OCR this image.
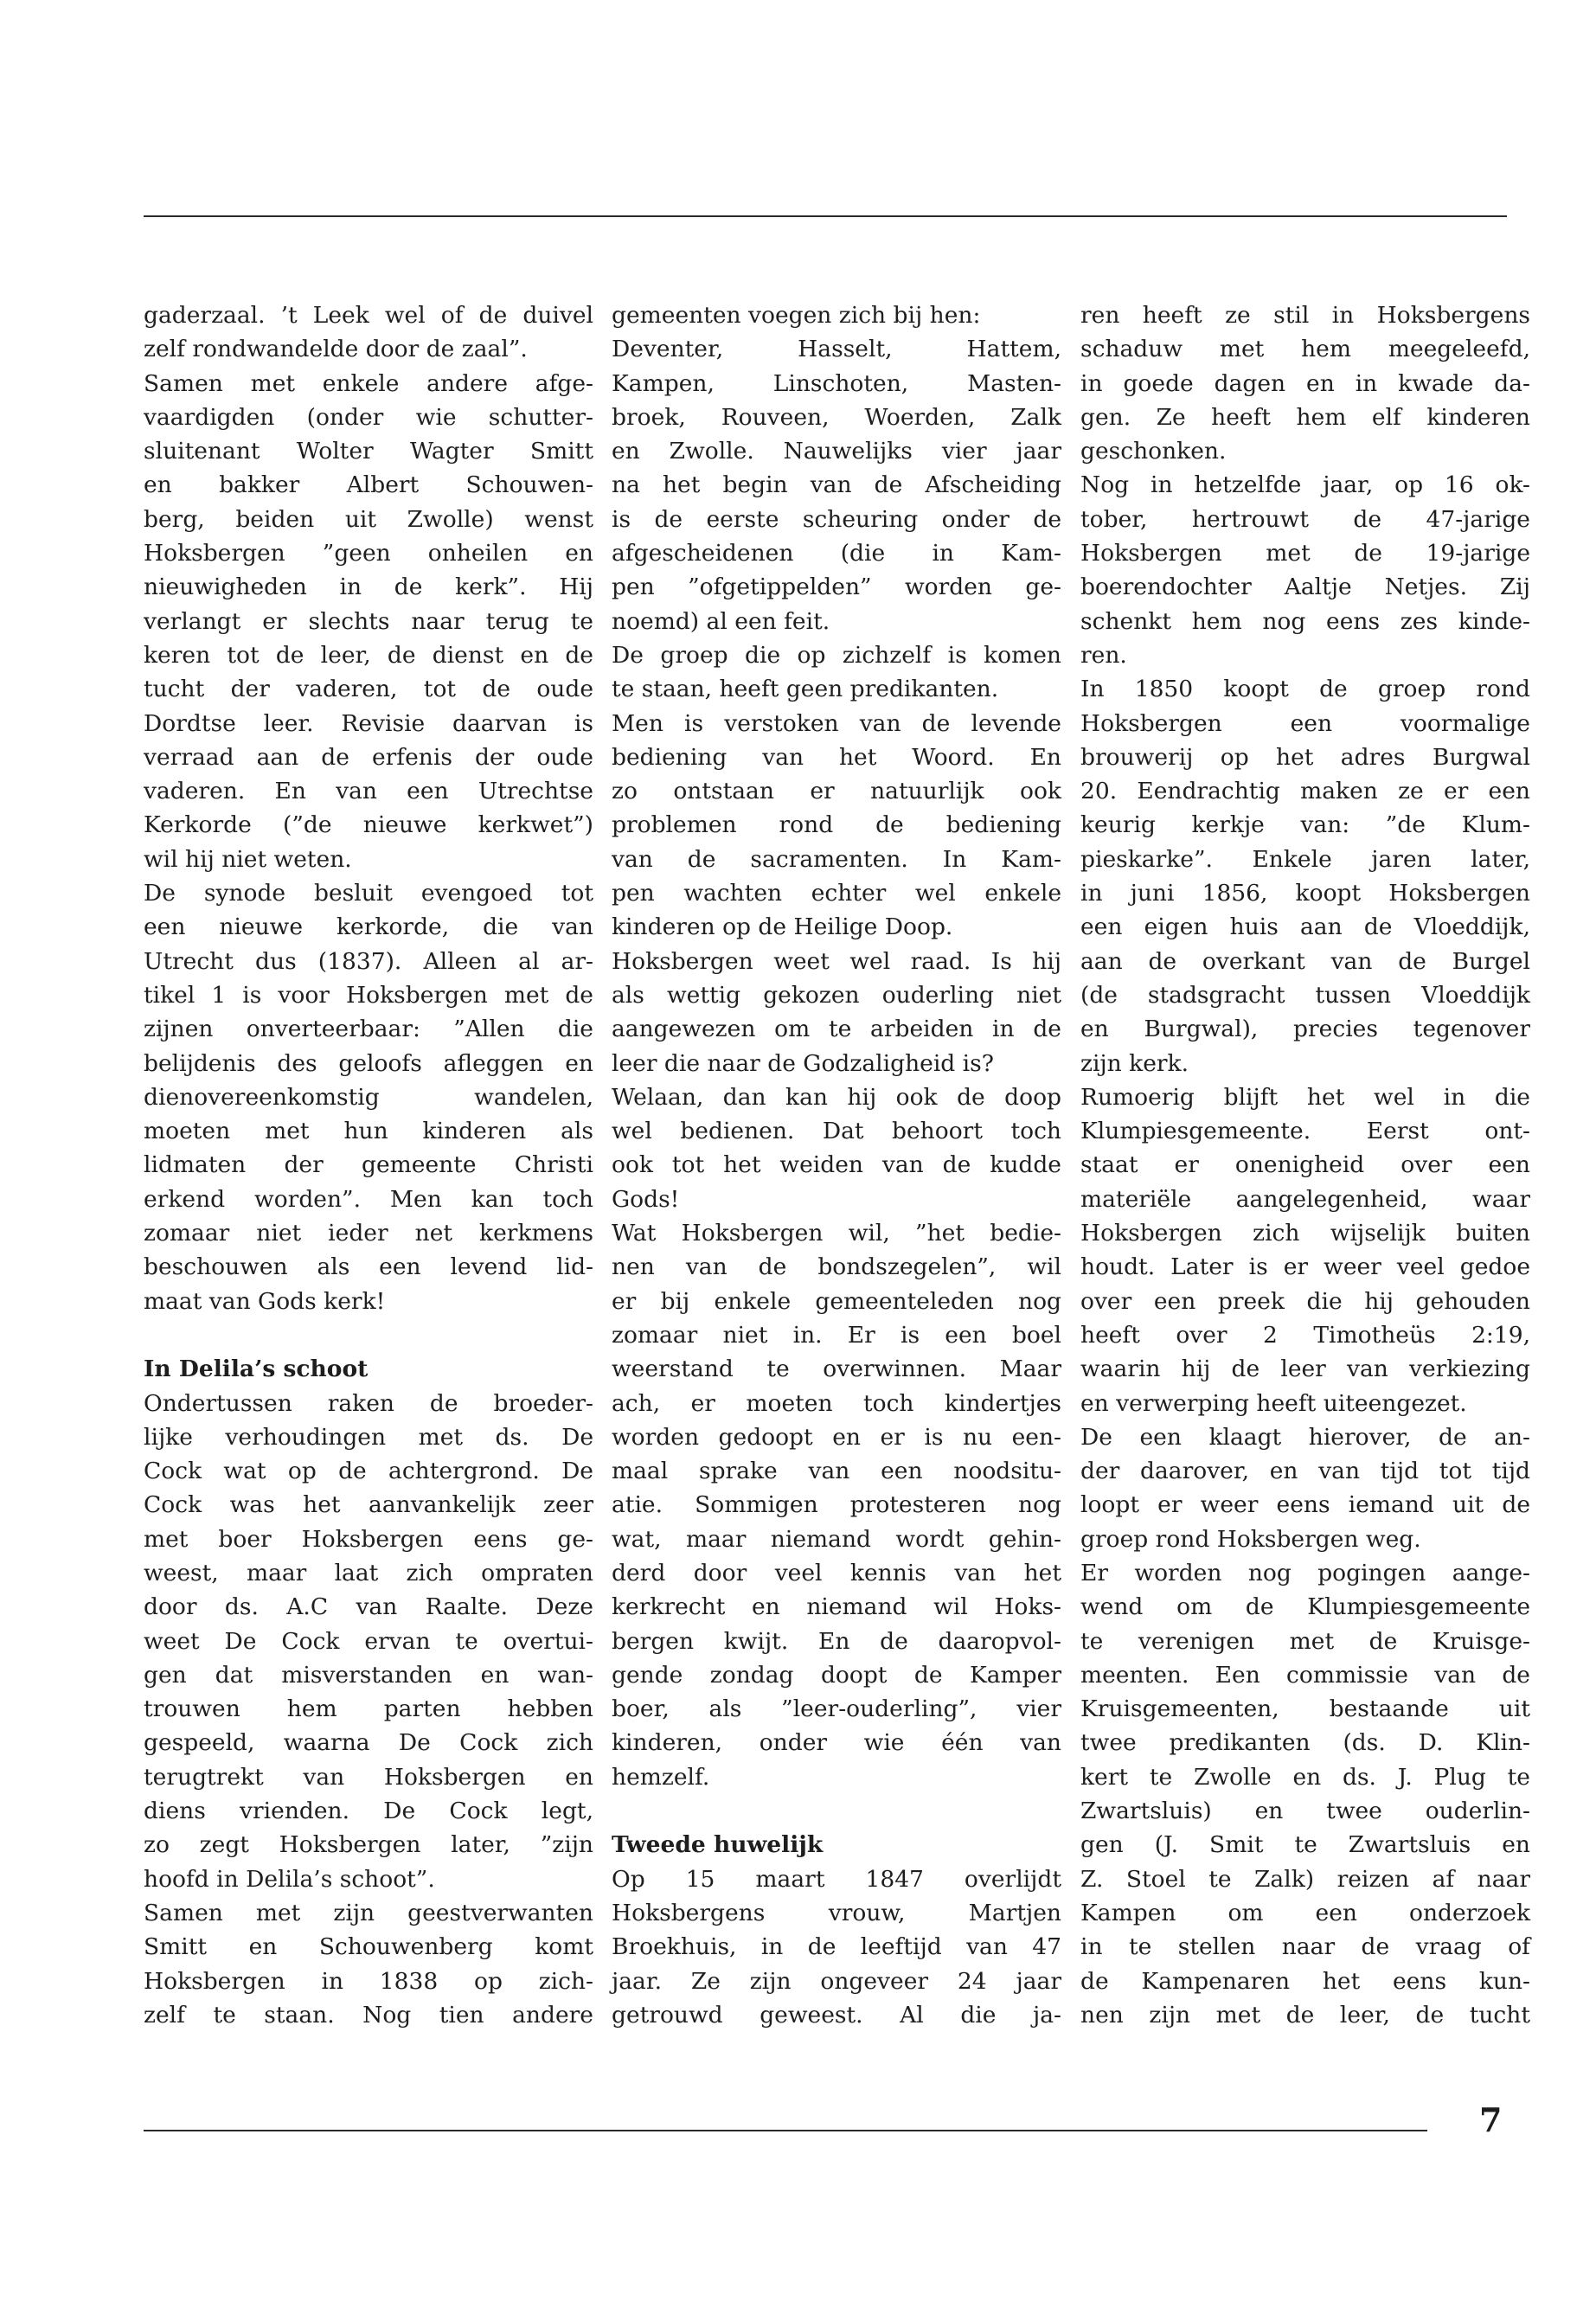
gaderzaal. ’t Leek wel of de duivel
zelf rondwandelde door de zaal”.
Samen met enkele andere afge-
vaardigden (onder wie schutter-
sluitenant Wolter Wagter Smitt
en bakker Albert Schouwen-
berg, beiden uit Zwolle) wenst
Hoksbergen ”geen onheilen en
nieuwigheden in de kerk”. Hij
verlangt er slechts naar terug te
keren tot de leer, de dienst en de
tucht der vaderen, tot de oude
Dordtse leer. Revisie daarvan is
verraad aan de erfenis der oude
vaderen. En van een Utrechtse
Kerkorde (”de nieuwe kerkwet”)
wil hij niet weten.
De synode besluit evengoed tot
een nieuwe kerkorde, die van
Utrecht dus (1837). Alleen al ar-
tikel 1 is voor Hoksbergen met de
zijnen onverteerbaar: ”Allen die
belijdenis des geloofs afleggen en
dienovereenkomstig wandelen,
moeten met hun kinderen als
lidmaten der gemeente Christi
erkend worden”. Men kan toch
zomaar niet ieder net kerkmens
beschouwen als een levend lid-
maat van Gods kerk!
In Delila’s schoot
Ondertussen raken de broeder-
lijke verhoudingen met ds. De
Cock wat op de achtergrond. De
Cock was het aanvankelijk zeer
met boer Hoksbergen eens ge-
weest, maar laat zich ompraten
door ds. A.C van Raalte. Deze
weet De Cock ervan te overtui-
gen dat misverstanden en wan-
trouwen hem parten hebben
gespeeld, waarna De Cock zich
terugtrekt van Hoksbergen en
diens vrienden. De Cock legt,
zo zegt Hoksbergen later, ”zijn
hoofd in Delila’s schoot”.
Samen met zijn geestverwanten
Smitt en Schouwenberg komt
Hoksbergen in 1838 op zich-
zelf te staan. Nog tien andere
gemeenten voegen zich bij hen:
Deventer, Hasselt, Hattem,
Kampen, Linschoten, Masten-
broek, Rouveen, Woerden, Zalk
en Zwolle. Nauwelijks vier jaar
na het begin van de Afscheiding
is de eerste scheuring onder de
afgescheidenen (die in Kam-
pen ”ofgetippelden” worden ge-
noemd) al een feit.
De groep die op zichzelf is komen
te staan, heeft geen predikanten.
Men is verstoken van de levende
bediening van het Woord. En
zo ontstaan er natuurlijk ook
problemen rond de bediening
van de sacramenten. In Kam-
pen wachten echter wel enkele
kinderen op de Heilige Doop.
Hoksbergen weet wel raad. Is hij
als wettig gekozen ouderling niet
aangewezen om te arbeiden in de
leer die naar de Godzaligheid is?
Welaan, dan kan hij ook de doop
wel bedienen. Dat behoort toch
ook tot het weiden van de kudde
Gods!
Wat Hoksbergen wil, ”het bedie-
nen van de bondszegelen”, wil
er bij enkele gemeenteleden nog
zomaar niet in. Er is een boel
weerstand te overwinnen. Maar
ach, er moeten toch kindertjes
worden gedoopt en er is nu een-
maal sprake van een noodsitu-
atie. Sommigen protesteren nog
wat, maar niemand wordt gehin-
derd door veel kennis van het
kerkrecht en niemand wil Hoks-
bergen kwijt. En de daaropvol-
gende zondag doopt de Kamper
boer, als ”leer-ouderling”, vier
kinderen, onder wie één van
hemzelf.
Tweede huwelijk
Op 15 maart 1847 overlijdt
Hoksbergens vrouw, Martjen
Broekhuis, in de leeftijd van 47
jaar. Ze zijn ongeveer 24 jaar
getrouwd geweest. Al die ja-
ren heeft ze stil in Hoksbergens
schaduw met hem meegeleefd,
in goede dagen en in kwade da-
gen. Ze heeft hem elf kinderen
geschonken.
Nog in hetzelfde jaar, op 16 ok-
tober, hertrouwt de 47-jarige
Hoksbergen met de 19-jarige
boerendochter Aaltje Netjes. Zij
schenkt hem nog eens zes kinde-
ren.
In 1850 koopt de groep rond
Hoksbergen een voormalige
brouwerij op het adres Burgwal
20. Eendrachtig maken ze er een
keurig kerkje van: ”de Klum-
pieskarke”. Enkele jaren later,
in juni 1856, koopt Hoksbergen
een eigen huis aan de Vloeddijk,
aan de overkant van de Burgel
(de stadsgracht tussen Vloeddijk
en Burgwal), precies tegenover
zijn kerk.
Rumoerig blijft het wel in die
Klumpiesgemeente. Eerst ont-
staat er onenigheid over een
materiële aangelegenheid, waar
Hoksbergen zich wijselijk buiten
houdt. Later is er weer veel gedoe
over een preek die hij gehouden
heeft over 2 Timotheüs 2:19,
waarin hij de leer van verkiezing
en verwerping heeft uiteengezet.
De een klaagt hierover, de an-
der daarover, en van tijd tot tijd
loopt er weer eens iemand uit de
groep rond Hoksbergen weg.
Er worden nog pogingen aange-
wend om de Klumpiesgemeente
te verenigen met de Kruisge-
meenten. Een commissie van de
Kruisgemeenten, bestaande uit
twee predikanten (ds. D. Klin-
kert te Zwolle en ds. J. Plug te
Zwartsluis) en twee ouderlin-
gen (J. Smit te Zwartsluis en
Z. Stoel te Zalk) reizen af naar
Kampen om een onderzoek
in te stellen naar de vraag of
de Kampenaren het eens kun-
nen zijn met de leer, de tucht
7
